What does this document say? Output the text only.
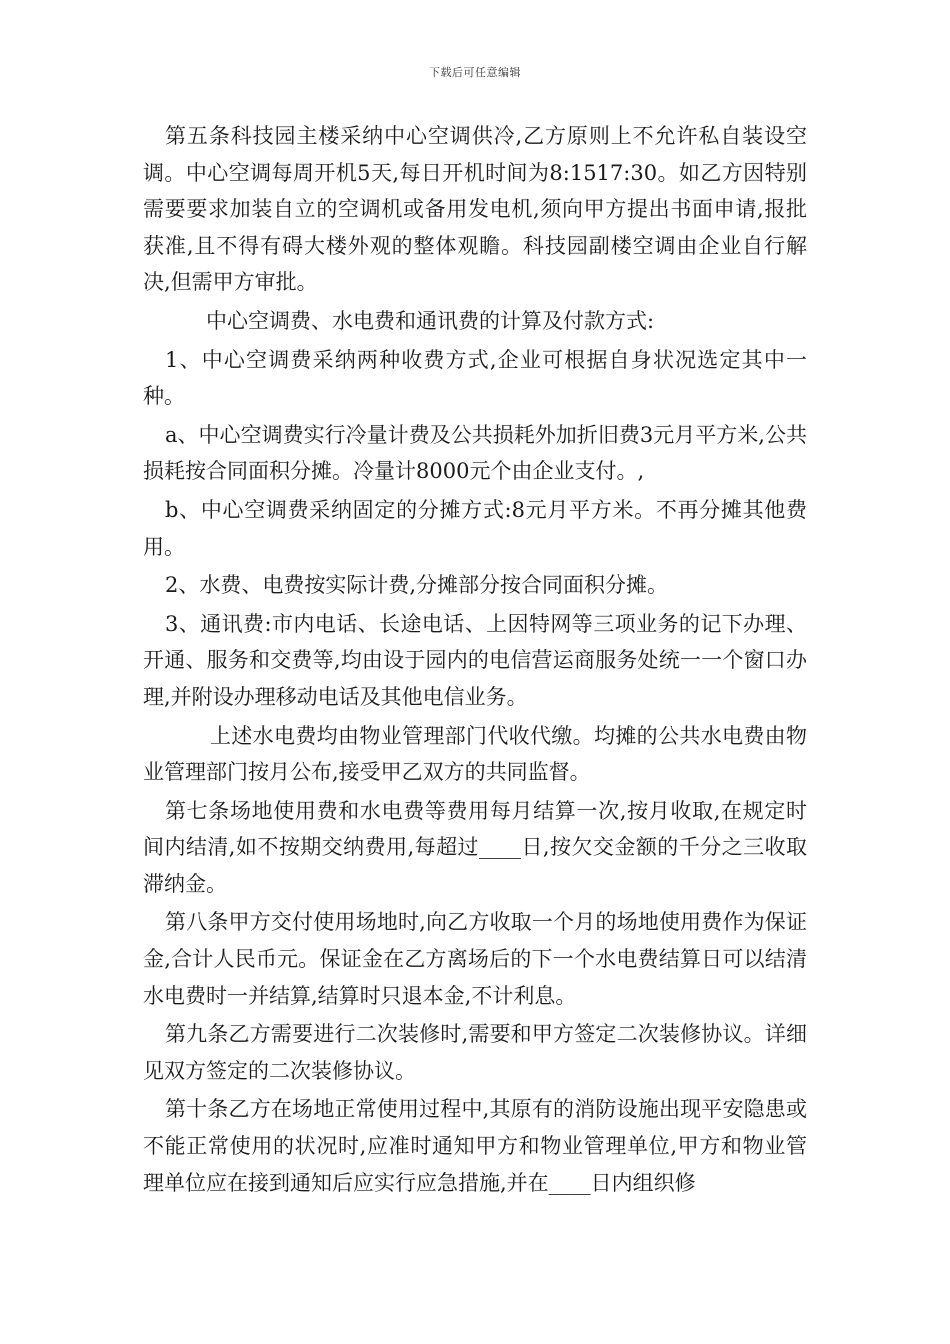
下载后可任意编辑

第五条科技园主楼采纳中心空调供冷,乙方原则上不允许私自装设空调。中心空调每周开机5天,每日开机时间为8:1517:30。如乙方因特别需要要求加装自立的空调机或备用发电机,须向甲方提出书面申请,报批获准,且不得有碍大楼外观的整体观瞻。科技园副楼空调由企业自行解决,但需甲方审批。

中心空调费、水电费和通讯费的计算及付款方式:

1、中心空调费采纳两种收费方式,企业可根据自身状况选定其中一种。

a、中心空调费实行冷量计费及公共损耗外加折旧费3元月平方米,公共损耗按合同面积分摊。冷量计8000元个由企业支付。,

b、中心空调费采纳固定的分摊方式:8元月平方米。不再分摊其他费用。

2、水费、电费按实际计费,分摊部分按合同面积分摊。

3、通讯费:市内电话、长途电话、上因特网等三项业务的记下办理、开通、服务和交费等,均由设于园内的电信营运商服务处统一一个窗口办理,并附设办理移动电话及其他电信业务。

上述水电费均由物业管理部门代收代缴。均摊的公共水电费由物业管理部门按月公布,接受甲乙双方的共同监督。

第七条场地使用费和水电费等费用每月结算一次,按月收取,在规定时间内结清,如不按期交纳费用,每超过____日,按欠交金额的千分之三收取滞纳金。

第八条甲方交付使用场地时,向乙方收取一个月的场地使用费作为保证金,合计人民币元。保证金在乙方离场后的下一个水电费结算日可以结清水电费时一并结算,结算时只退本金,不计利息。

第九条乙方需要进行二次装修时,需要和甲方签定二次装修协议。详细见双方签定的二次装修协议。

第十条乙方在场地正常使用过程中,其原有的消防设施出现平安隐患或不能正常使用的状况时,应准时通知甲方和物业管理单位,甲方和物业管理单位应在接到通知后应实行应急措施,并在____日内组织修
